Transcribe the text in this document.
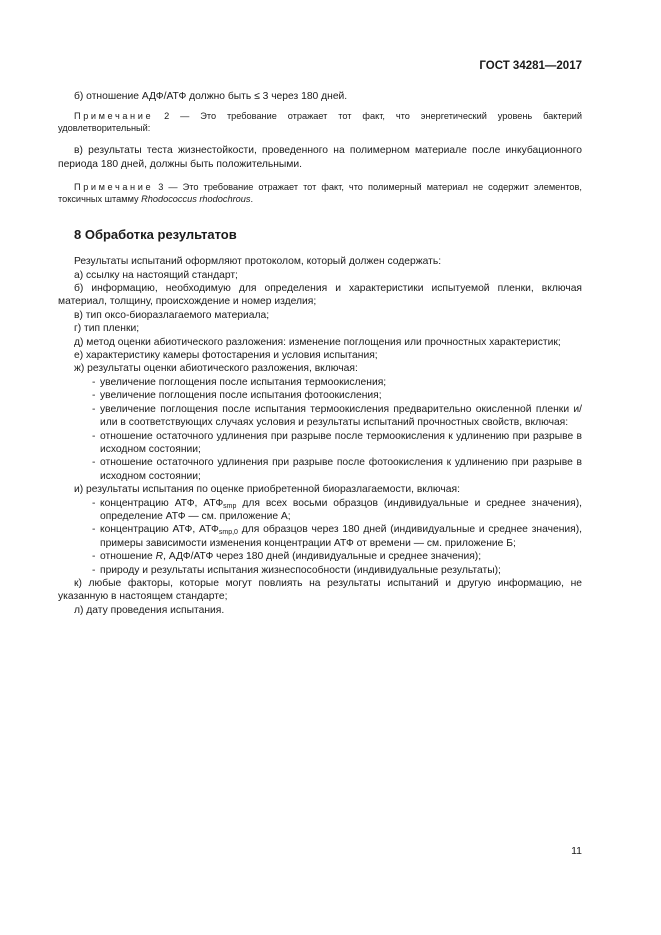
ГОСТ 34281—2017

б) отношение АДФ/АТФ должно быть ≤ 3 через 180 дней.

Примечание 2 — Это требование отражает тот факт, что энергетический уровень бактерий удовлетворительный:

в) результаты теста жизнестойкости, проведенного на полимерном материале после инкубационного периода 180 дней, должны быть положительными.

Примечание 3 — Это требование отражает тот факт, что полимерный материал не содержит элементов, токсичных штамму Rhodococcus rhodochrous.

8 Обработка результатов

Результаты испытаний оформляют протоколом, который должен содержать:

а) ссылку на настоящий стандарт;

б) информацию, необходимую для определения и характеристики испытуемой пленки, включая материал, толщину, происхождение и номер изделия;

в) тип оксо-биоразлагаемого материала;

г) тип пленки;

д) метод оценки абиотического разложения: изменение поглощения или прочностных характеристик;

е) характеристику камеры фотостарения и условия испытания;

ж) результаты оценки абиотического разложения, включая:

- увеличение поглощения после испытания термоокисления;

- увеличение поглощения после испытания фотоокисления;

- увеличение поглощения после испытания термоокисления предварительно окисленной пленки и/или в соответствующих случаях условия и результаты испытаний прочностных свойств, включая:

- отношение остаточного удлинения при разрыве после термоокисления к удлинению при разрыве в исходном состоянии;

- отношение остаточного удлинения при разрыве после фотоокисления к удлинению при разрыве в исходном состоянии;

и) результаты испытания по оценке приобретенной биоразлагаемости, включая:

- концентрацию АТФ, $АТФ_{smp}$ для всех восьми образцов (индивидуальные и среднее значения), определение АТФ — см. приложение А;

- концентрацию АТФ, $АТФ_{smp,0}$ для образцов через 180 дней (индивидуальные и среднее значения), примеры зависимости изменения концентрации АТФ от времени — см. приложение Б;

- отношение R, АДФ/АТФ через 180 дней (индивидуальные и среднее значения);

- природу и результаты испытания жизнеспособности (индивидуальные результаты);

к) любые факторы, которые могут повлиять на результаты испытаний и другую информацию, не указанную в настоящем стандарте;

л) дату проведения испытания.

11
